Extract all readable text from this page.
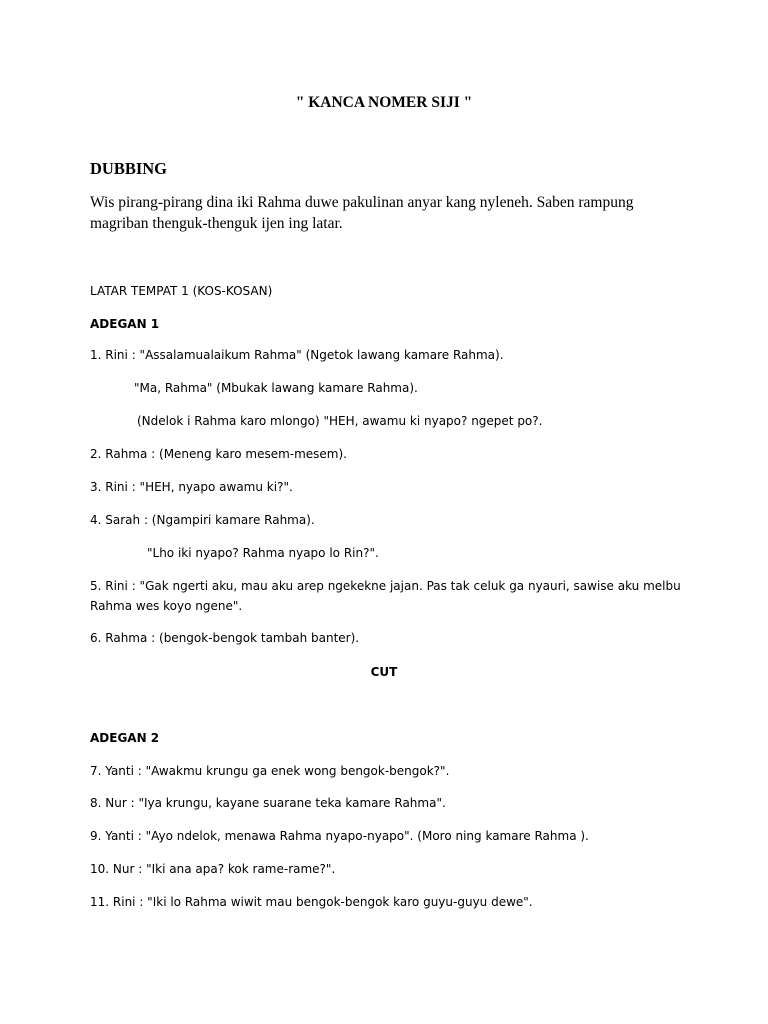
" KANCA NOMER SIJI "

DUBBING

Wis pirang-pirang dina iki Rahma duwe pakulinan anyar kang nyleneh. Saben rampung magriban thenguk-thenguk ijen ing latar.

LATAR TEMPAT 1 (KOS-KOSAN)

ADEGAN 1

1. Rini : "Assalamualaikum Rahma" (Ngetok lawang kamare Rahma).

"Ma, Rahma" (Mbukak lawang kamare Rahma).

(Ndelok i Rahma karo mlongo) "HEH, awamu ki nyapo? ngepet po?.

2. Rahma : (Meneng karo mesem-mesem).

3. Rini : "HEH, nyapo awamu ki?".

4. Sarah : (Ngampiri kamare Rahma).

"Lho iki nyapo? Rahma nyapo lo Rin?".

5. Rini : "Gak ngerti aku, mau aku arep ngekekne jajan. Pas tak celuk ga nyauri, sawise aku melbu Rahma wes koyo ngene".

6. Rahma : (bengok-bengok tambah banter).

CUT

ADEGAN 2

7. Yanti : "Awakmu krungu ga enek wong bengok-bengok?".

8. Nur : "Iya krungu, kayane suarane teka kamare Rahma".

9. Yanti : "Ayo ndelok, menawa Rahma nyapo-nyapo". (Moro ning kamare Rahma ).

10. Nur : "Iki ana apa? kok rame-rame?".

11. Rini : "Iki lo Rahma wiwit mau bengok-bengok karo guyu-guyu dewe".
